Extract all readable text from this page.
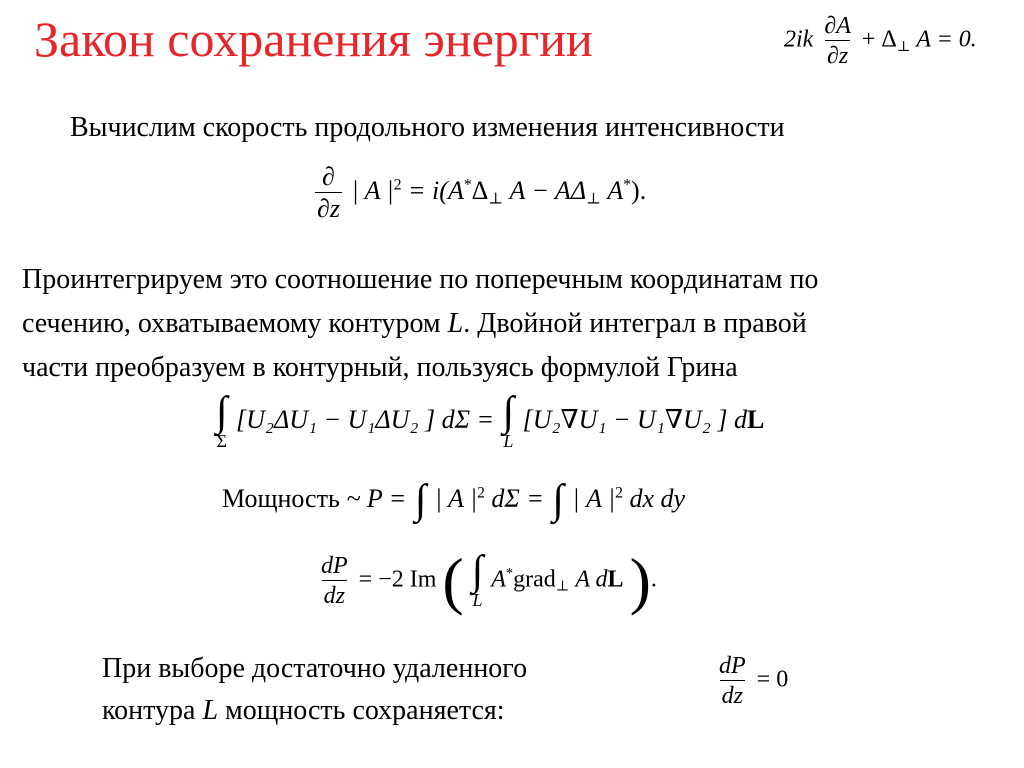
Закон сохранения энергии	$2ik \frac{\partial A}{\partial z} + \Delta_\perp$ A = 0.
Вычислим скорость продольного изменения интенсивности
$\frac{\partial}{\partial z}$ | A $|^2 = i(A^*\Delta_\perp$ $A - A\Delta_\perp$ A*).
Проинтегрируем это соотношение по поперечным координатам по
сечению, охватываемому контуром L. Двойной интеграл в правой
части преобразуем в контурный, пользуясь формулой Грина
∫
Σ
[U₂ΔU₁ − U₁ΔU₂ ] dΣ = ∫
L
[U₂∇U₁ − U₁∇U₂ ] dL
Мощность ~ P = ∫ | A $|^2$ dΣ = ∫ | A $|^2$ dx dy
$\frac{dP}{dz} = -2$ Im ( ∫
L
A*grad$_\perp$ A dL ).
При выборе достаточно удаленного
контура L мощность сохраняется:
$\frac{dP}{dz} = 0$
